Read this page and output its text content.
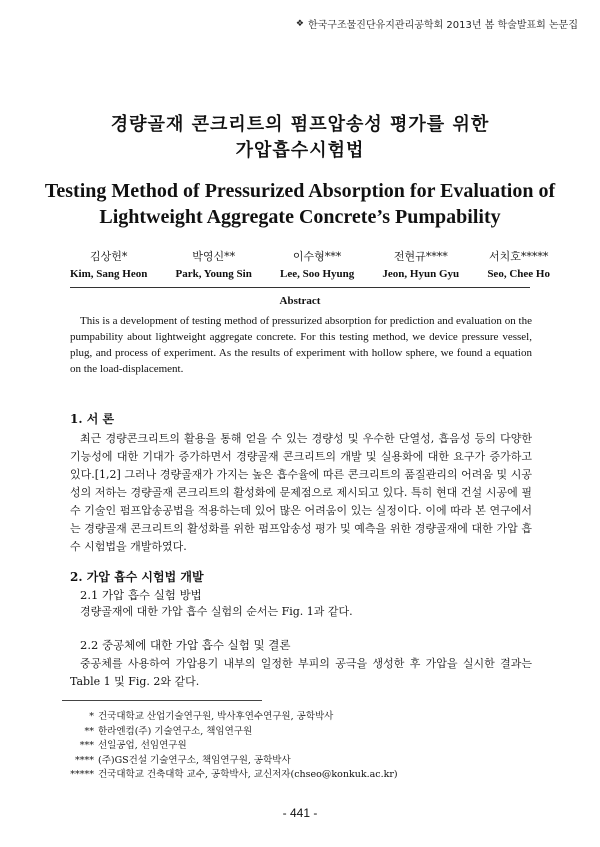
❖ 한국구조물진단유지관리공학회 2013년 봄 학술발표회 논문집
경량골재 콘크리트의 펌프압송성 평가를 위한
가압흡수시험법
Testing Method of Pressurized Absorption for Evaluation of
Lightweight Aggregate Concrete’s Pumpability
김상헌*
Kim, Sang Heon
박영신**
Park, Young Sin
이수형***
Lee, Soo Hyung
전현규****
Jeon, Hyun Gyu
서치호*****
Seo, Chee Ho
Abstract
This is a development of testing method of pressurized absorption for prediction and evaluation on the pumpability about lightweight aggregate concrete. For this testing method, we device pressure vessel, plug, and process of experiment. As the results of experiment with hollow sphere, we found a equation on the load-displacement.
1. 서 론
최근 경량콘크리트의 활용을 통해 얻을 수 있는 경량성 및 우수한 단열성, 흡음성 등의 다양한 기능성에 대한 기대가 증가하면서 경량골재 콘크리트의 개발 및 실용화에 대한 요구가 증가하고 있다.[1,2] 그러나 경량골재가 가지는 높은 흡수율에 따른 콘크리트의 품질관리의 어려움 및 시공성의 저하는 경량골재 콘크리트의 활성화에 문제점으로 제시되고 있다. 특히 현대 건설 시공에 필수 기술인 펌프압송공법을 적용하는데 있어 많은 어려움이 있는 실정이다. 이에 따라 본 연구에서는 경량골재 콘크리트의 활성화를 위한 펌프압송성 평가 및 예측을 위한 경량골재에 대한 가압 흡수 시험법을 개발하였다.
2. 가압 흡수 시험법 개발
2.1 가압 흡수 실험 방법
경량골재에 대한 가압 흡수 실험의 순서는 Fig. 1과 같다.
2.2 중공체에 대한 가압 흡수 실험 및 결론
중공체를 사용하여 가압용기 내부의 일정한 부피의 공극을 생성한 후 가압을 실시한 결과는 Table 1 및 Fig. 2와 같다.
* 건국대학교 산업기술연구원, 박사후연수연구원, 공학박사
** 한라엔컴(주) 기술연구소, 책임연구원
*** 선일공업, 선임연구원
**** (주)GS건설 기술연구소, 책임연구원, 공학박사
***** 건국대학교 건축대학 교수, 공학박사, 교신저자(chseo@konkuk.ac.kr)
- 441 -
